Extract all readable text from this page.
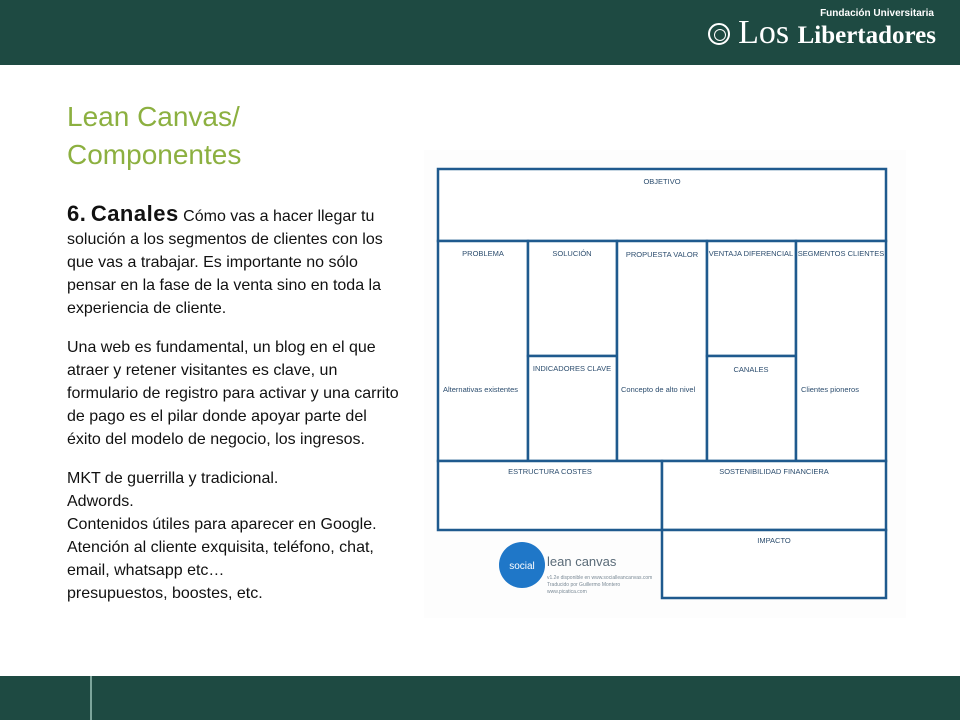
Fundación Universitaria
Los Libertadores
Lean Canvas/ Componentes

6. Canales Cómo vas a hacer llegar tu solución a los segmentos de clientes con los que vas a trabajar. Es importante no sólo pensar en la fase de la venta sino en toda la experiencia de cliente.

Una web es fundamental, un blog en el que atraer y retener visitantes es clave, un formulario de registro para activar y una carrito de pago es el pilar donde apoyar parte del éxito del modelo de negocio, los ingresos.

MKT de guerrilla y tradicional.
Adwords.
Contenidos útiles para aparecer en Google.
Atención al cliente exquisita, teléfono, chat, email, whatsapp etc…
presupuestos, boostes, etc.
OBJETIVO
PROBLEMA	SOLUCIÓN	PROPUESTA VALOR VENTAJA DIFERENCIAL SEGMENTOS CLIENTES
INDICADORES CLAVE	CANALES
Alternativas existentes	Concepto de alto nivel	Clientes pioneros
ESTRUCTURA COSTES	SOSTENIBILIDAD FINANCIERA
IMPACTO
social lean canvas
v1.2e disponible en www.socialleancanvas.com
Traducido por Guillermo Montero
www.picatica.com
